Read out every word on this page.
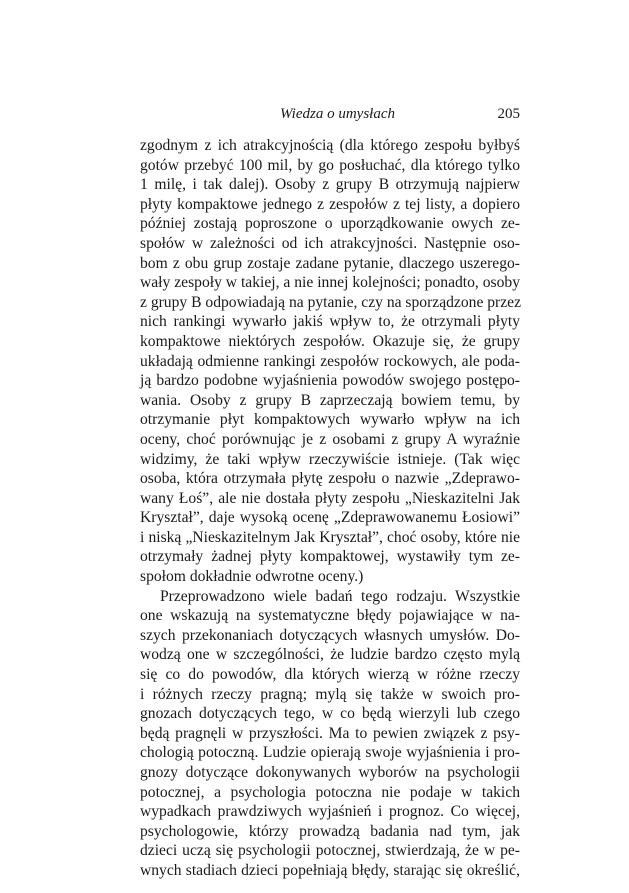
Wiedza o umysłach	205

zgodnym z ich atrakcyjnością (dla którego zespołu byłbyś
gotów przebyć 100 mil, by go posłuchać, dla którego tylko
1 milę, i tak dalej). Osoby z grupy B otrzymują najpierw
płyty kompaktowe jednego z zespołów z tej listy, a dopiero
później zostają poproszone o uporządkowanie owych ze-
społów w zależności od ich atrakcyjności. Następnie oso-
bom z obu grup zostaje zadane pytanie, dlaczego uszerego-
wały zespoły w takiej, a nie innej kolejności; ponadto, osoby
z grupy B odpowiadają na pytanie, czy na sporządzone przez
nich rankingi wywarło jakiś wpływ to, że otrzymali płyty
kompaktowe niektórych zespołów. Okazuje się, że grupy
układają odmienne rankingi zespołów rockowych, ale poda-
ją bardzo podobne wyjaśnienia powodów swojego postępo-
wania. Osoby z grupy B zaprzeczają bowiem temu, by
otrzymanie płyt kompaktowych wywarło wpływ na ich
oceny, choć porównując je z osobami z grupy A wyraźnie
widzimy, że taki wpływ rzeczywiście istnieje. (Tak więc
osoba, która otrzymała płytę zespołu o nazwie „Zdeprawo-
wany Łoś”, ale nie dostała płyty zespołu „Nieskazitelni Jak
Kryształ”, daje wysoką ocenę „Zdeprawowanemu Łosiowi”
i niską „Nieskazitelnym Jak Kryształ”, choć osoby, które nie
otrzymały żadnej płyty kompaktowej, wystawiły tym ze-
społom dokładnie odwrotne oceny.)

Przeprowadzono wiele badań tego rodzaju. Wszystkie
one wskazują na systematyczne błędy pojawiające w na-
szych przekonaniach dotyczących własnych umysłów. Do-
wodzą one w szczególności, że ludzie bardzo często mylą
się co do powodów, dla których wierzą w różne rzeczy
i różnych rzeczy pragną; mylą się także w swoich pro-
gnozach dotyczących tego, w co będą wierzyli lub czego
będą pragnęli w przyszłości. Ma to pewien związek z psy-
chologią potoczną. Ludzie opierają swoje wyjaśnienia i pro-
gnozy dotyczące dokonywanych wyborów na psychologii
potocznej, a psychologia potoczna nie podaje w takich
wypadkach prawdziwych wyjaśnień i prognoz. Co więcej,
psychologowie, którzy prowadzą badania nad tym, jak
dzieci uczą się psychologii potocznej, stwierdzają, że w pe-
wnych stadiach dzieci popełniają błędy, starając się określić,
